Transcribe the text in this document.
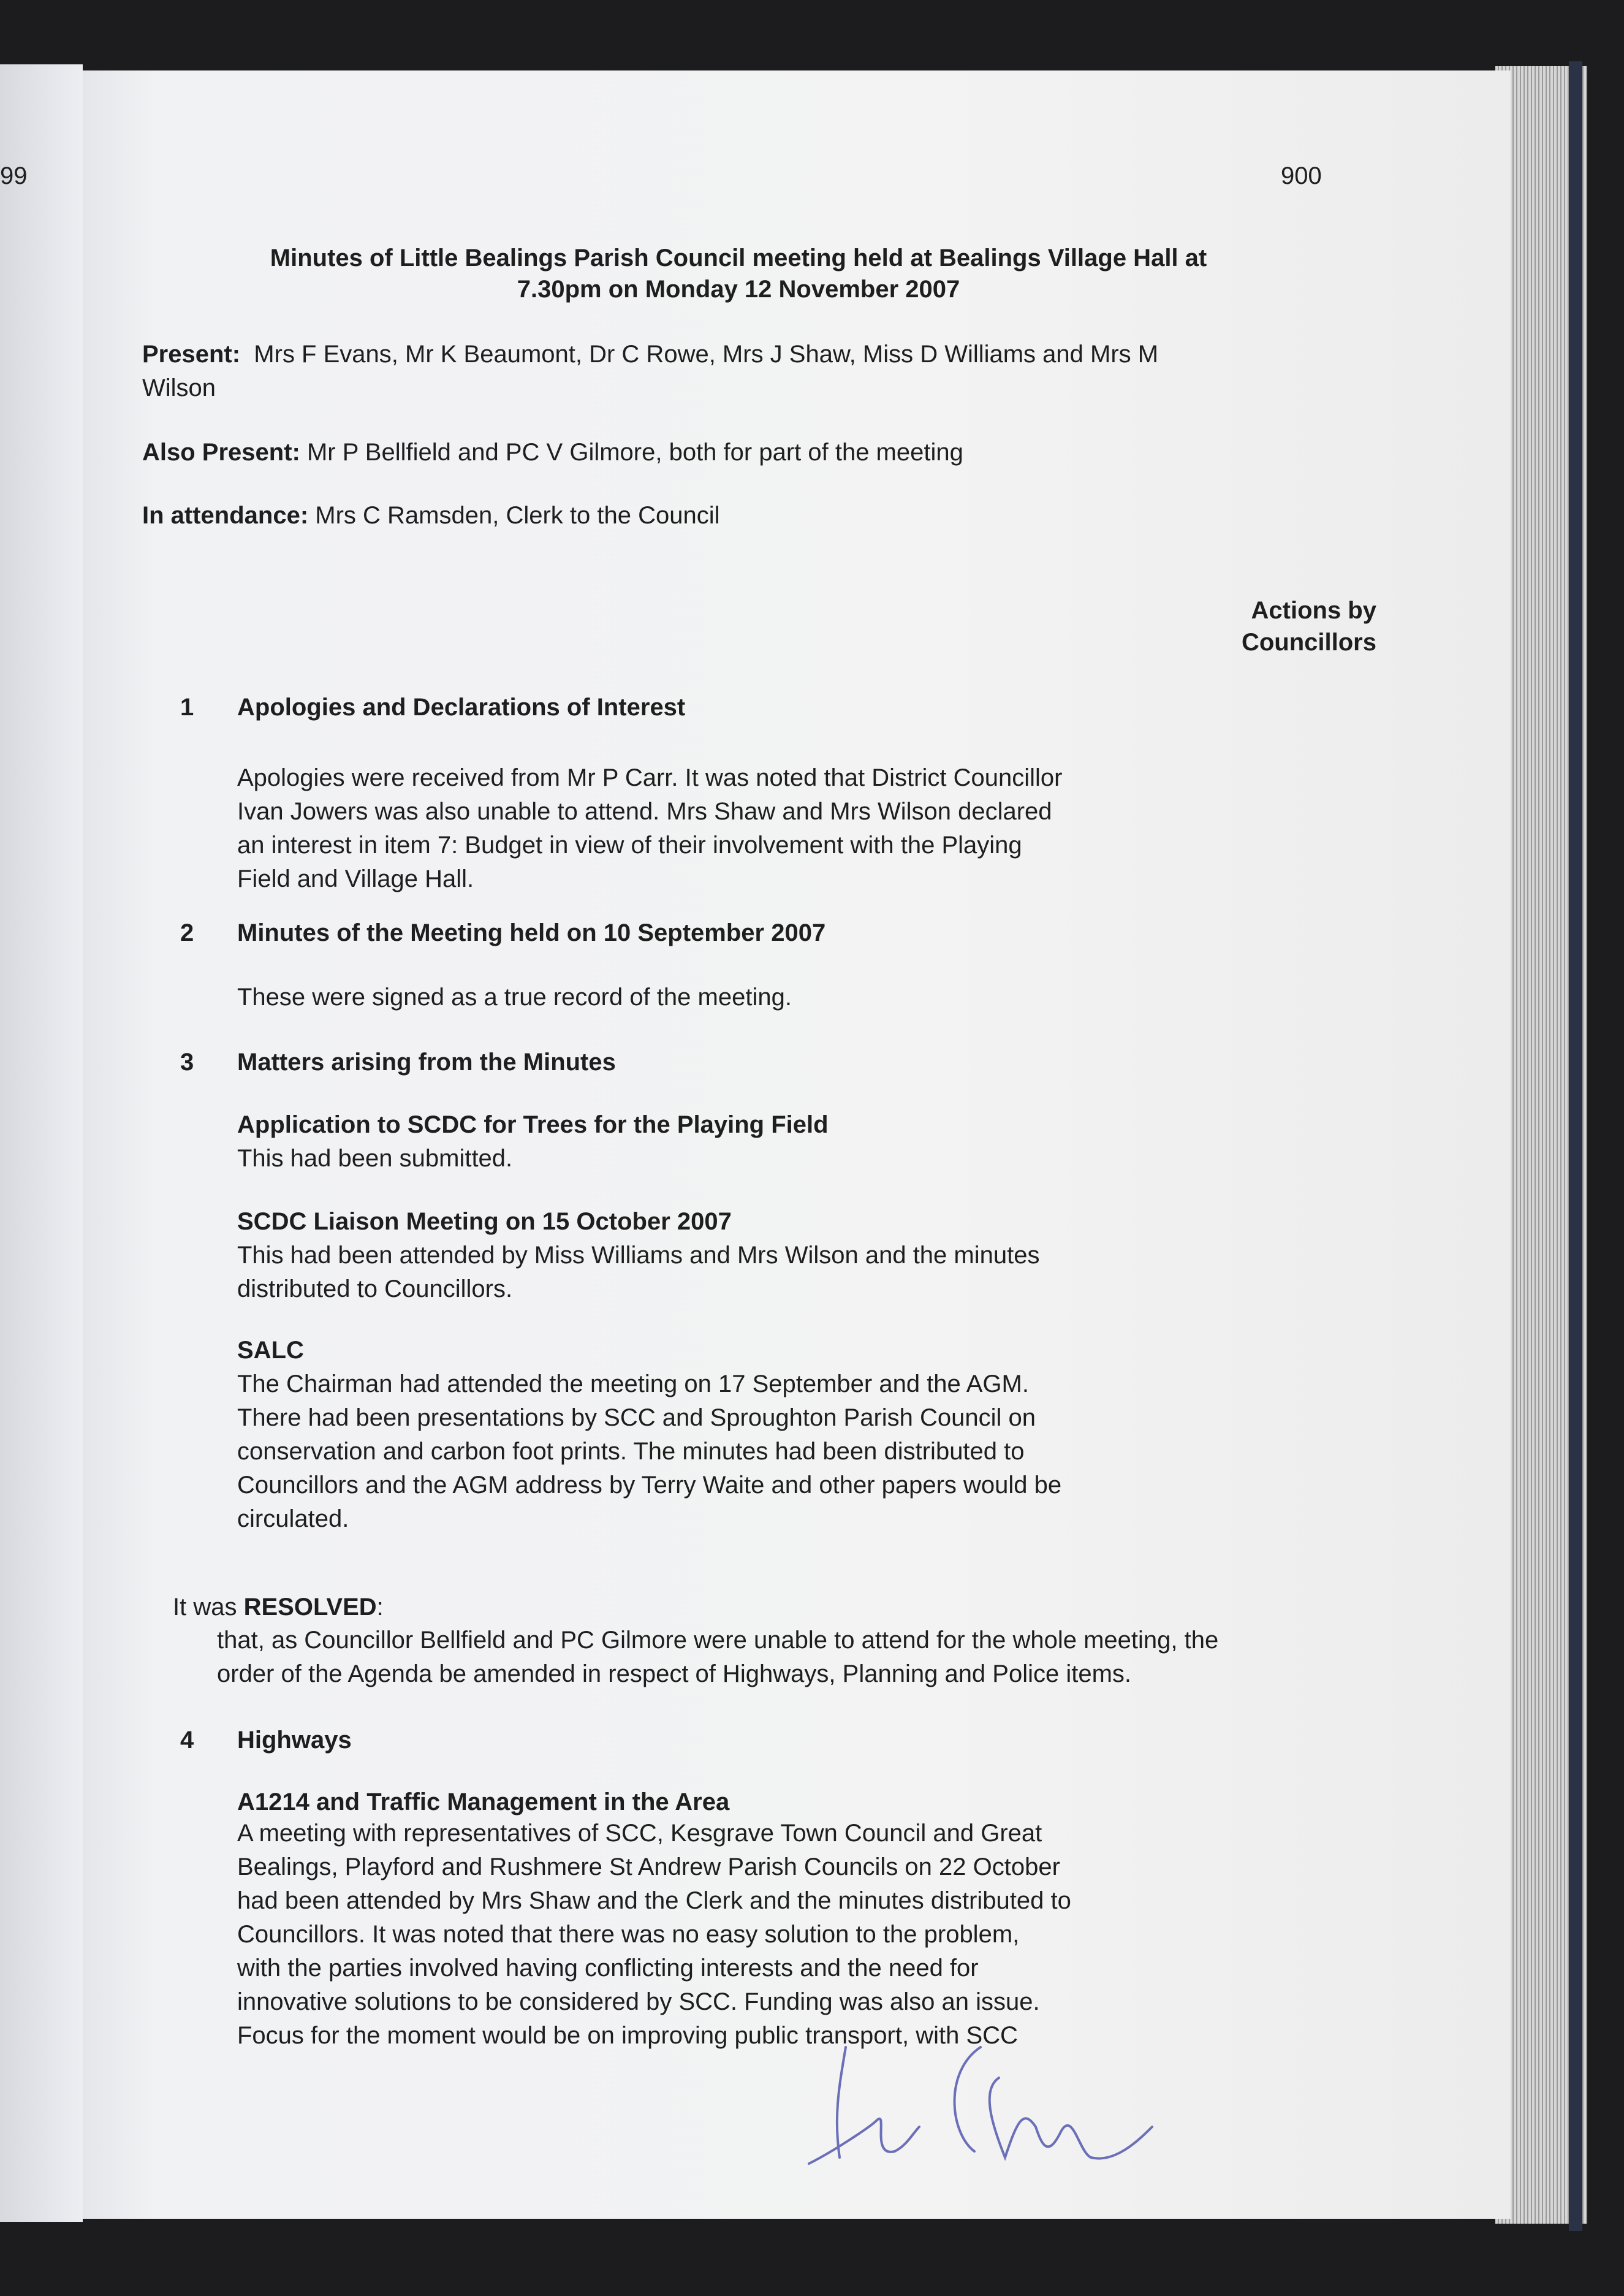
99	900
Minutes of Little Bealings Parish Council meeting held at Bealings Village Hall at
7.30pm on Monday 12 November 2007
Present: Mrs F Evans, Mr K Beaumont, Dr C Rowe, Mrs J Shaw, Miss D Williams and Mrs M
Wilson
Also Present: Mr P Bellfield and PC V Gilmore, both for part of the meeting
In attendance: Mrs C Ramsden, Clerk to the Council
Actions by
Councillors
1 Apologies and Declarations of Interest
Apologies were received from Mr P Carr. It was noted that District Councillor
Ivan Jowers was also unable to attend. Mrs Shaw and Mrs Wilson declared
an interest in item 7: Budget in view of their involvement with the Playing
Field and Village Hall.
2 Minutes of the Meeting held on 10 September 2007
These were signed as a true record of the meeting.
3 Matters arising from the Minutes
Application to SCDC for Trees for the Playing Field
This had been submitted.
SCDC Liaison Meeting on 15 October 2007
This had been attended by Miss Williams and Mrs Wilson and the minutes
distributed to Councillors.
SALC
The Chairman had attended the meeting on 17 September and the AGM.
There had been presentations by SCC and Sproughton Parish Council on
conservation and carbon foot prints. The minutes had been distributed to
Councillors and the AGM address by Terry Waite and other papers would be
circulated.
It was RESOLVED:
that, as Councillor Bellfield and PC Gilmore were unable to attend for the whole meeting, the
order of the Agenda be amended in respect of Highways, Planning and Police items.
4 Highways
A1214 and Traffic Management in the Area
A meeting with representatives of SCC, Kesgrave Town Council and Great
Bealings, Playford and Rushmere St Andrew Parish Councils on 22 October
had been attended by Mrs Shaw and the Clerk and the minutes distributed to
Councillors. It was noted that there was no easy solution to the problem,
with the parties involved having conflicting interests and the need for
innovative solutions to be considered by SCC. Funding was also an issue.
Focus for the moment would be on improving public transport, with SCC
